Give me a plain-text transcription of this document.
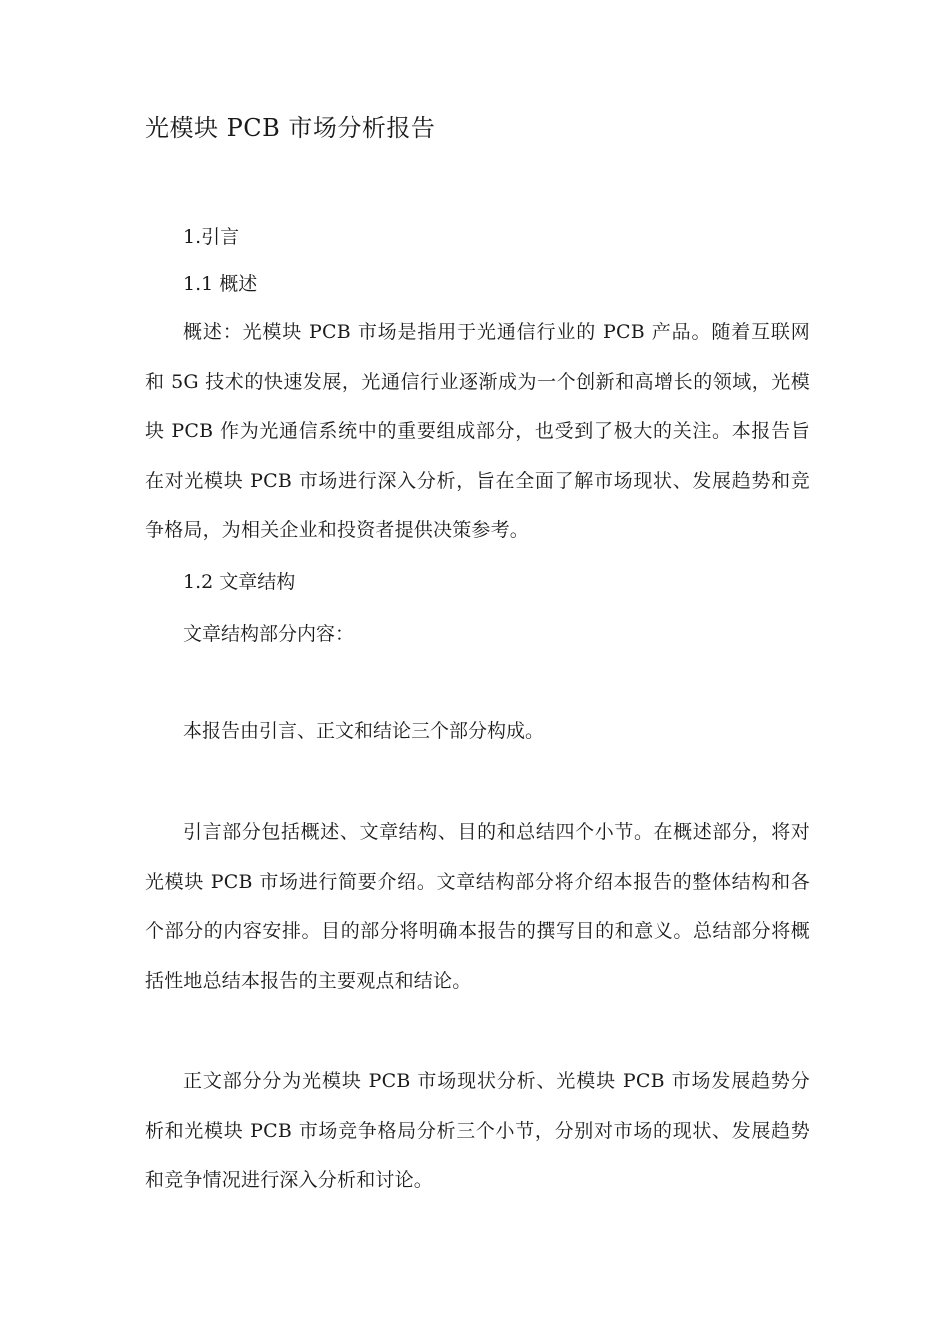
光模块 PCB 市场分析报告
1.引言
1.1 概述
概述：光模块 PCB 市场是指用于光通信行业的 PCB 产品。随着互联网和 5G 技术的快速发展，光通信行业逐渐成为一个创新和高增长的领域，光模块 PCB 作为光通信系统中的重要组成部分，也受到了极大的关注。本报告旨在对光模块 PCB 市场进行深入分析，旨在全面了解市场现状、发展趋势和竞争格局，为相关企业和投资者提供决策参考。
1.2 文章结构
文章结构部分内容：
本报告由引言、正文和结论三个部分构成。
引言部分包括概述、文章结构、目的和总结四个小节。在概述部分，将对光模块 PCB 市场进行简要介绍。文章结构部分将介绍本报告的整体结构和各个部分的内容安排。目的部分将明确本报告的撰写目的和意义。总结部分将概括性地总结本报告的主要观点和结论。
正文部分分为光模块 PCB 市场现状分析、光模块 PCB 市场发展趋势分析和光模块 PCB 市场竞争格局分析三个小节，分别对市场的现状、发展趋势和竞争情况进行深入分析和讨论。
